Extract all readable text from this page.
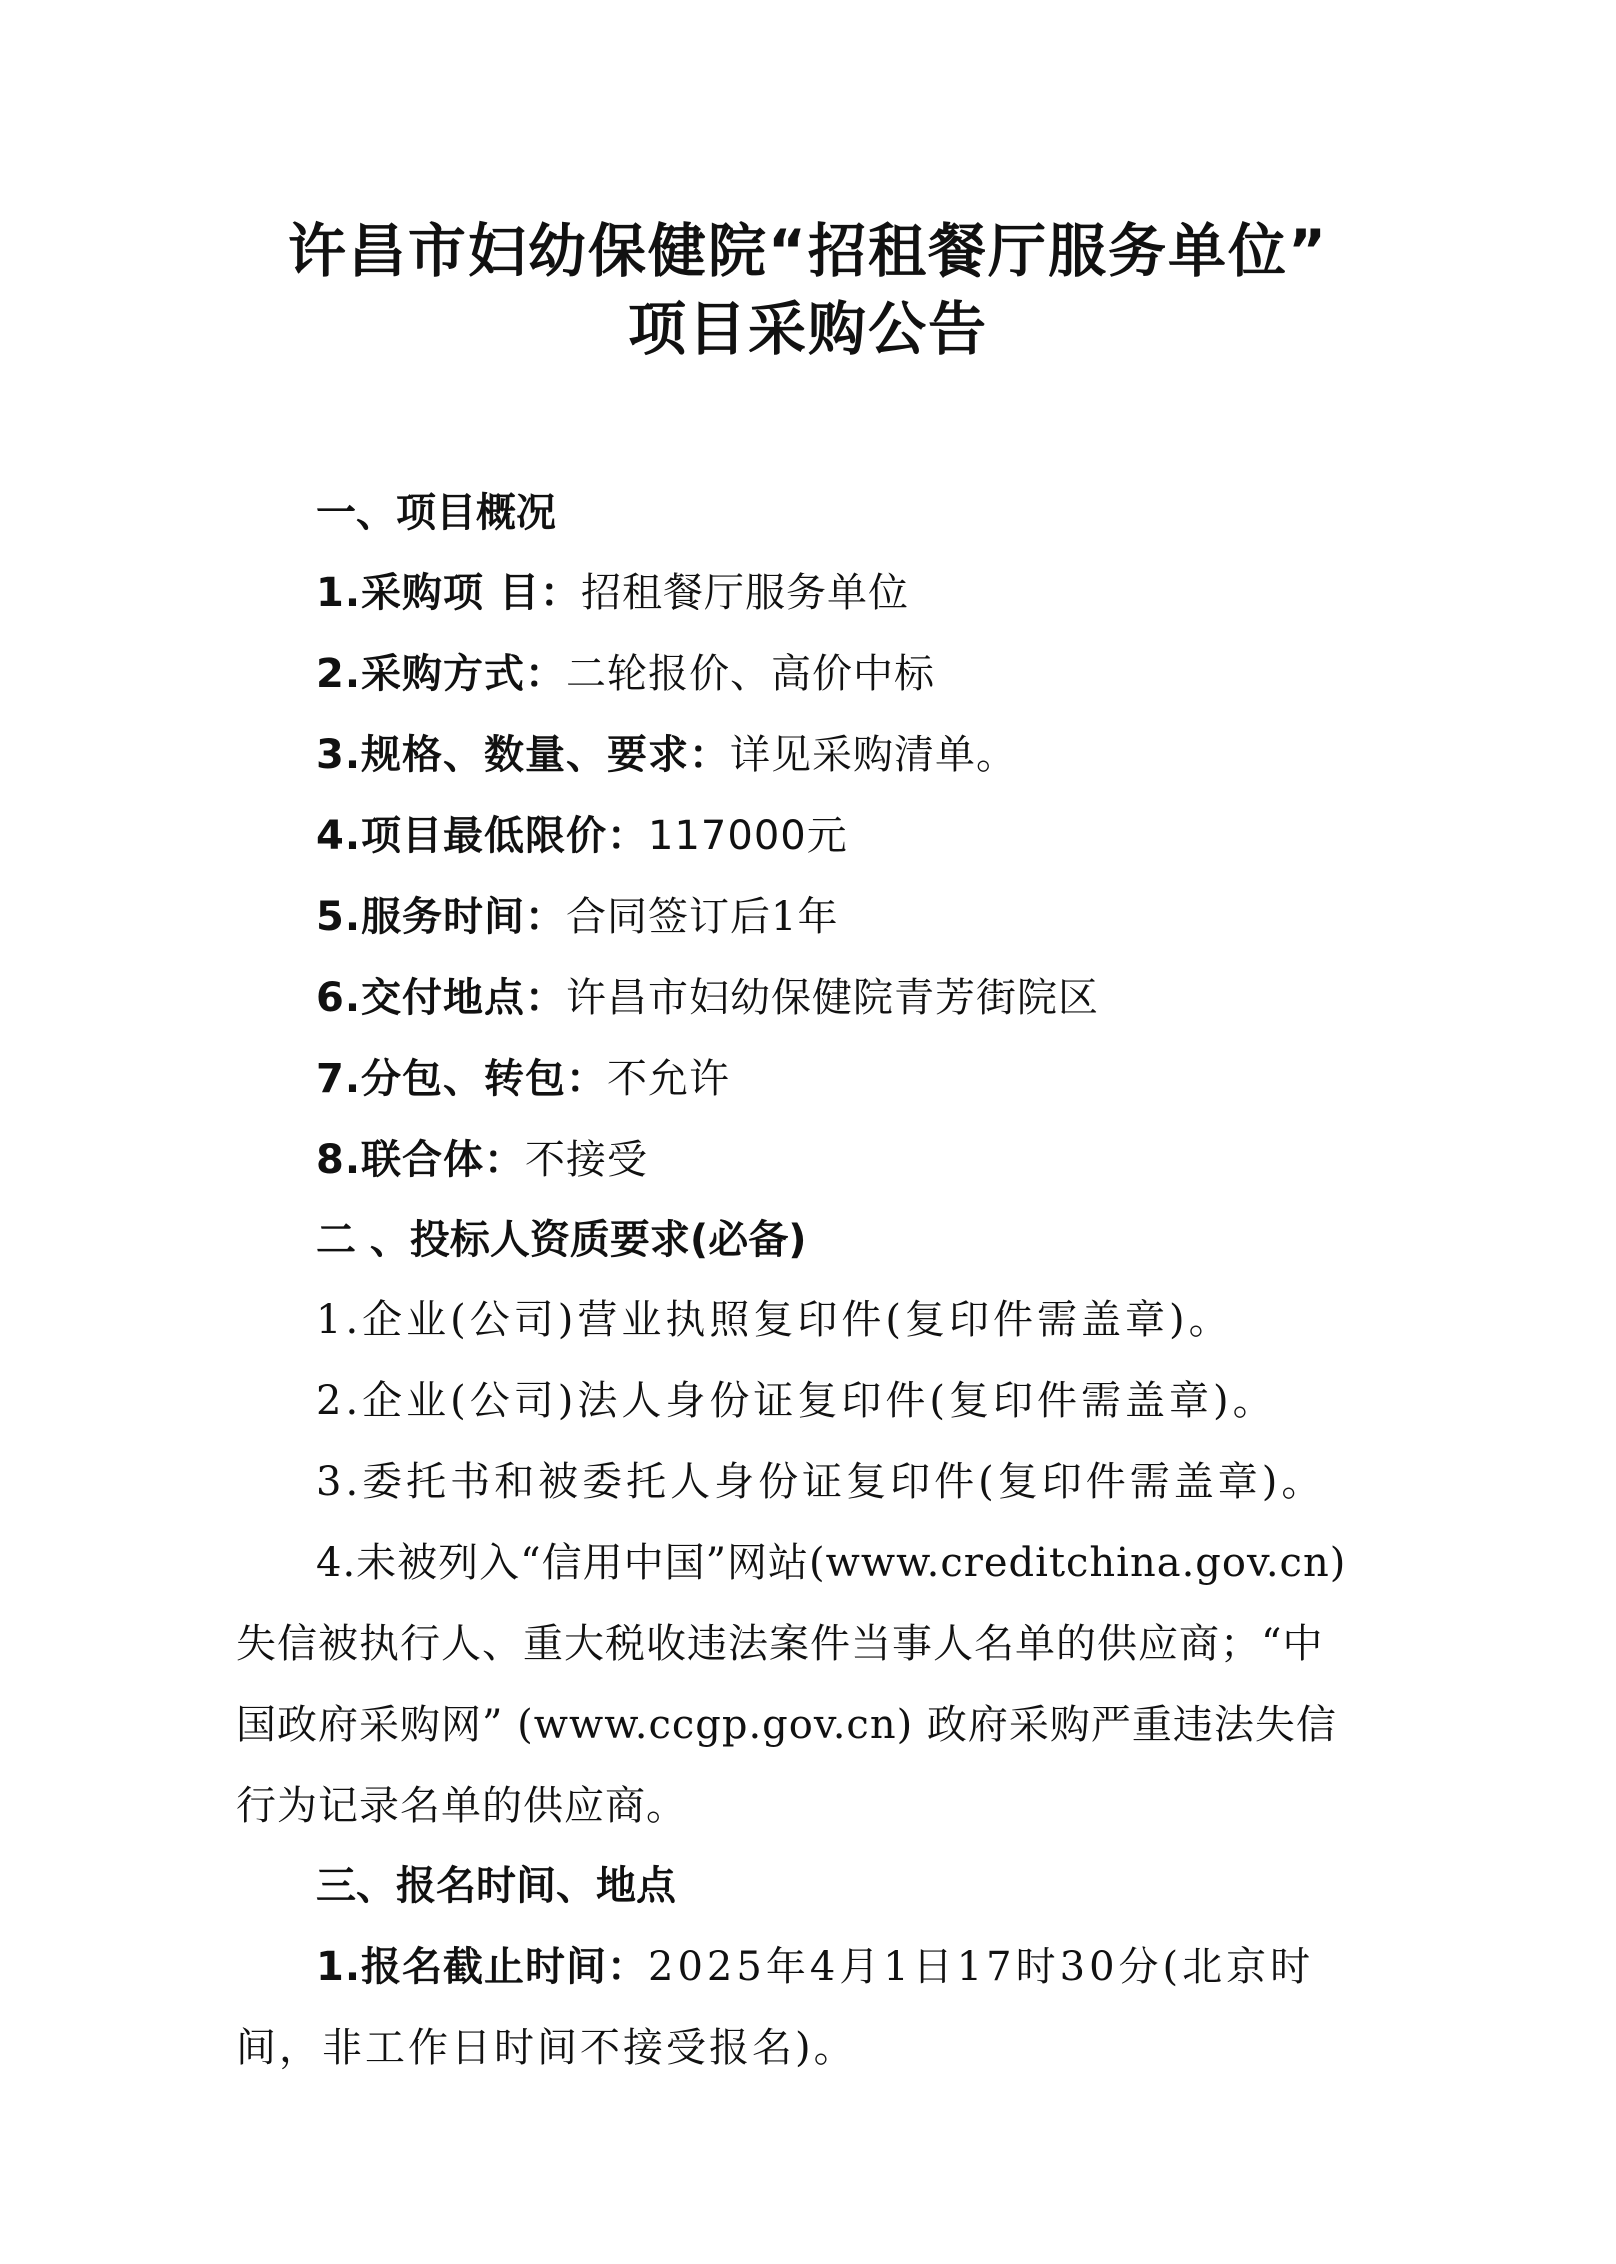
许昌市妇幼保健院“招租餐厅服务单位”
项目采购公告
一、项目概况
1.采购项 目：招租餐厅服务单位
2.采购方式：二轮报价、高价中标
3.规格、数量、要求：详见采购清单。
4.项目最低限价：117000元
5.服务时间：合同签订后1年
6.交付地点：许昌市妇幼保健院青芳街院区
7.分包、转包：不允许
8.联合体：不接受
二 、投标人资质要求(必备)
1.企业(公司)营业执照复印件(复印件需盖章)。
2.企业(公司)法人身份证复印件(复印件需盖章)。
3.委托书和被委托人身份证复印件(复印件需盖章)。
4.未被列入“信用中国”网站(www.creditchina.gov.cn)
失信被执行人、重大税收违法案件当事人名单的供应商；“中
国政府采购网” (www.ccgp.gov.cn) 政府采购严重违法失信
行为记录名单的供应商。
三、报名时间、地点
1.报名截止时间：2025年4月1日17时30分(北京时
间，非工作日时间不接受报名)。
